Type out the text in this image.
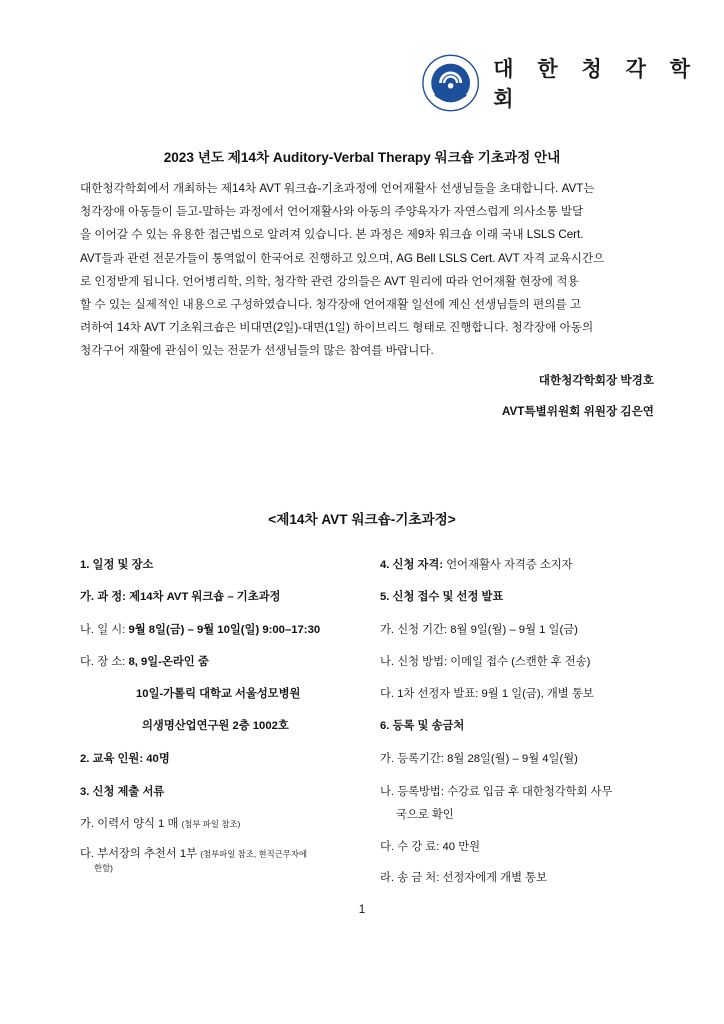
대 한 청 각 학 회
2023 년도 제14차 Auditory-Verbal Therapy 워크숍 기초과정 안내
대한청각학회에서 개최하는 제14차 AVT 워크숍-기초과정에 언어재활사 선생님들을 초대합니다. AVT는
청각장애 아동들이 듣고-말하는 과정에서 언어재활사와 아동의 주양육자가 자연스럽게 의사소통 발달
을 이어갈 수 있는 유용한 접근법으로 알려져 있습니다. 본 과정은 제9차 워크숍 이래 국내 LSLS Cert.
AVT들과 관련 전문가들이 통역없이 한국어로 진행하고 있으며, AG Bell LSLS Cert. AVT 자격 교육시간으
로 인정받게 됩니다. 언어병리학, 의학, 청각학 관련 강의들은 AVT 원리에 따라 언어재활 현장에 적용
할 수 있는 실제적인 내용으로 구성하였습니다. 청각장애 언어재활 일선에 계신 선생님들의 편의를 고
려하여 14차 AVT 기초워크숍은 비대면(2일)-대면(1일) 하이브리드 형태로 진행합니다. 청각장애 아동의
청각구어 재활에 관심이 있는 전문가 선생님들의 많은 참여를 바랍니다.
대한청각학회장 박경호
AVT특별위원회 위원장 김은연
<제14차 AVT 워크숍-기초과정>
1. 일정 및 장소
가. 과 정: 제14차 AVT 워크숍 – 기초과정
나. 일 시: 9월 8일(금) – 9월 10일(일) 9:00–17:30
다. 장 소: 8, 9일-온라인 줌
10일-가톨릭 대학교 서울성모병원
의생명산업연구원 2층 1002호
2. 교육 인원: 40명
3. 신청 제출 서류
가. 이력서 양식 1 매 (첨부 파일 참조)
다. 부서장의 추천서 1부 (첨부파일 참조, 현직근무자에
한함)
4. 신청 자격: 언어재활사 자격증 소지자
5. 신청 접수 및 선정 발표
가. 신청 기간: 8월 9일(월) – 9월 1 일(금)
나. 신청 방법: 이메일 접수 (스캔한 후 전송)
다. 1차 선정자 발표: 9월 1 일(금), 개별 통보
6. 등록 및 송금처
가. 등록기간: 8월 28일(월) – 9월 4일(월)
나. 등록방법: 수강료 입금 후 대한청각학회 사무
국으로 확인
다. 수 강 료: 40 만원
라. 송 금 처: 선정자에게 개별 통보
1
